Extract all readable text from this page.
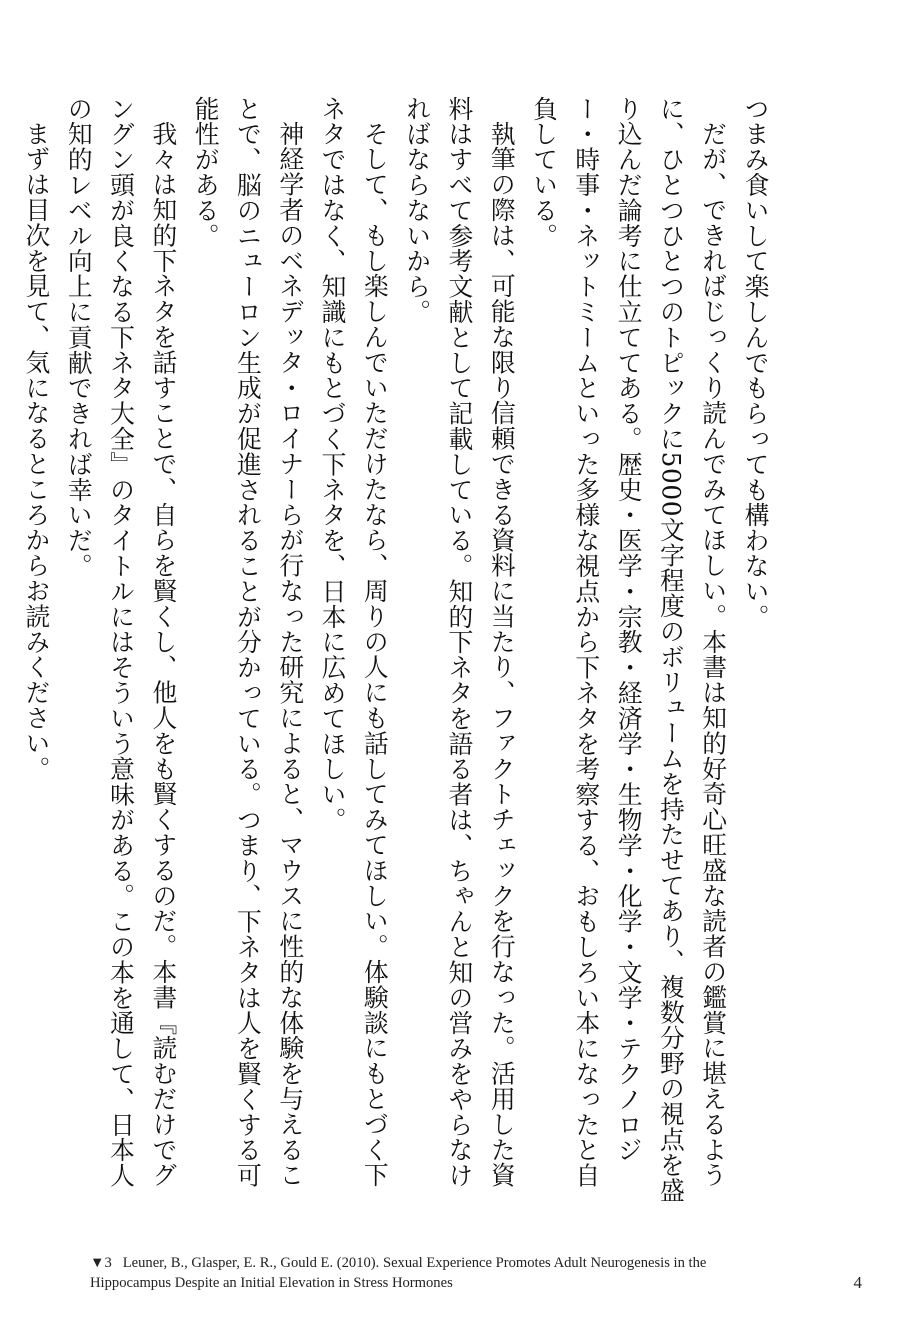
つまみ食いして楽しんでもらっても構わない。

だが、できればじっくり読んでみてほしい。本書は知的好奇心旺盛な読者の鑑賞に堪えるように、ひとつひとつのトピックに5000文字程度のボリュームを持たせてあり、複数分野の視点を盛り込んだ論考に仕立ててある。歴史・医学・宗教・経済学・生物学・化学・文学・テクノロジー・時事・ネットミームといった多様な視点から下ネタを考察する、おもしろい本になったと自負している。

執筆の際は、可能な限り信頼できる資料に当たり、ファクトチェックを行なった。活用した資料はすべて参考文献として記載している。知的下ネタを語る者は、ちゃんと知の営みをやらなければならないから。

そして、もし楽しんでいただけたなら、周りの人にも話してみてほしい。体験談にもとづく下ネタではなく、知識にもとづく下ネタを、日本に広めてほしい。

神経学者のベネデッタ・ロイナーらが行なった研究によると、マウスに性的な体験を与えることで、脳のニューロン生成が促進されることが分かっている。つまり、下ネタは人を賢くする可能性がある。

我々は知的下ネタを話すことで、自らを賢くし、他人をも賢くするのだ。本書『読むだけでグングン頭が良くなる下ネタ大全』のタイトルにはそういう意味がある。この本を通して、日本人の知的レベル向上に貢献できれば幸いだ。

まずは目次を見て、気になるところからお読みください。

▼3 Leuner, B., Glasper, E. R., Gould E. (2010). Sexual Experience Promotes Adult Neurogenesis in the Hippocampus Despite an Initial Elevation in Stress Hormones	4
